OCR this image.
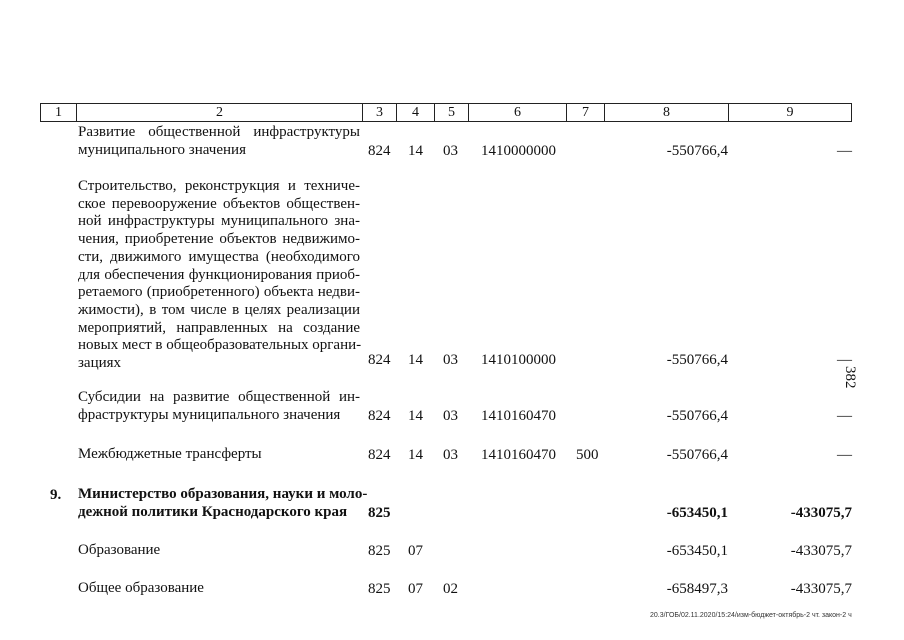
1	2	3	4	5	6	7	8	9
Развитие общественной инфраструктуры
муниципального значения	824 14 03 1410000000	-550766,4	—
Строительство, реконструкция и техниче-
ское перевооружение объектов обществен-
ной инфраструктуры муниципального зна-
чения, приобретение объектов недвижимо-
сти, движимого имущества (необходимого
для обеспечения функционирования приоб-
ретаемого (приобретенного) объекта недви-
жимости), в том числе в целях реализации
мероприятий, направленных на создание
новых мест в общеобразовательных органи-
зациях	824 14 03 1410100000	-550766,4	—
Субсидии на развитие общественной ин-
фраструктуры муниципального значения	824 14 03 1410160470	-550766,4	—
Межбюджетные трансферты	824 14 03 1410160470 500	-550766,4	—
9. Министерство образования, науки и моло-
дежной политики Краснодарского края	825	-653450,1	-433075,7
Образование	825 07	-653450,1	-433075,7
Общее образование	825 07 02	-658497,3	-433075,7
382
20.3/ГОБ/02.11.2020/15:24/изм-бюджет-октябрь-2 чт. закон-2 ч
